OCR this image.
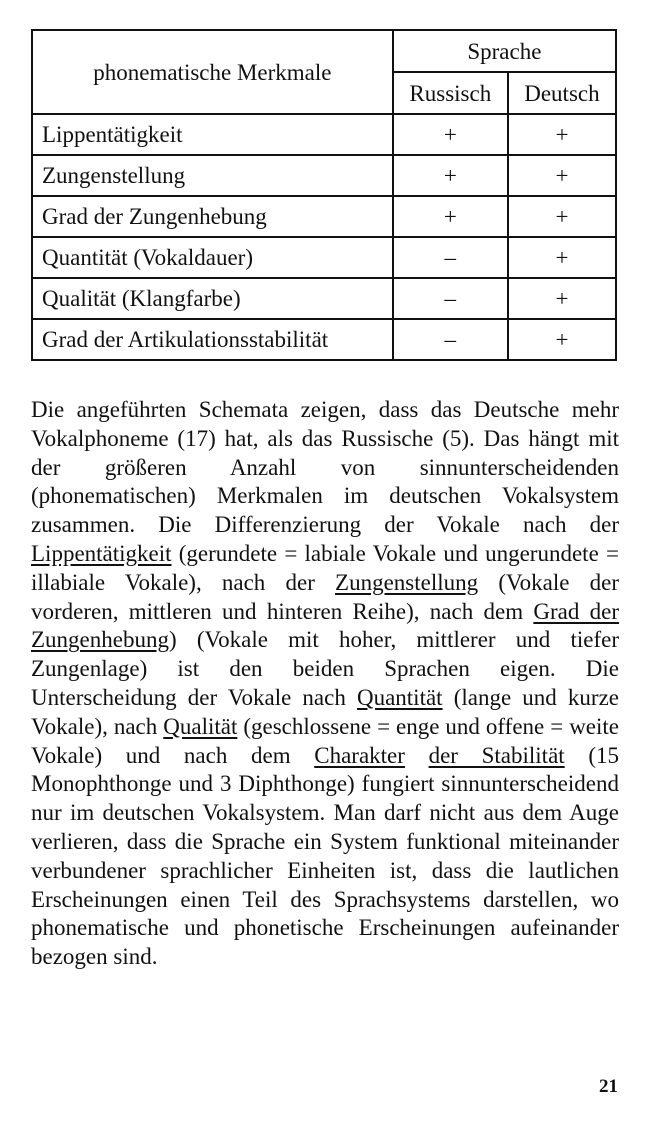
phonematische Merkmale	Sprache	
	Russisch	Deutsch
Lippentätigkeit	+	+
Zungenstellung	+	+
Grad der Zungenhebung	+	+
Quantität (Vokaldauer)	–	+
Qualität (Klangfarbe)	–	+
Grad der Artikulationsstabilität	–	+

Die angeführten Schemata zeigen, dass das Deutsche mehr Vokalphoneme (17) hat, als das Russische (5). Das hängt mit der größeren Anzahl von sinnunterscheidenden (phonematischen) Merkmalen im deutschen Vokalsystem zusammen. Die Differenzierung der Vokale nach der Lippentätigkeit (gerundete = labiale Vokale und ungerundete = illabiale Vokale), nach der Zungenstellung (Vokale der vorderen, mittleren und hinteren Reihe), nach dem Grad der Zungenhebung) (Vokale mit hoher, mittlerer und tiefer Zungenlage) ist den beiden Sprachen eigen. Die Unterscheidung der Vokale nach Quantität (lange und kurze Vokale), nach Qualität (geschlossene = enge und offene = weite Vokale) und nach dem Charakter der Stabilität (15 Monophthonge und 3 Diphthonge) fungiert sinnunterscheidend nur im deutschen Vokalsystem. Man darf nicht aus dem Auge verlieren, dass die Sprache ein System funktional miteinander verbundener sprachlicher Einheiten ist, dass die lautlichen Erscheinungen einen Teil des Sprachsystems darstellen, wo phonematische und phonetische Erscheinungen aufeinander bezogen sind.

21
